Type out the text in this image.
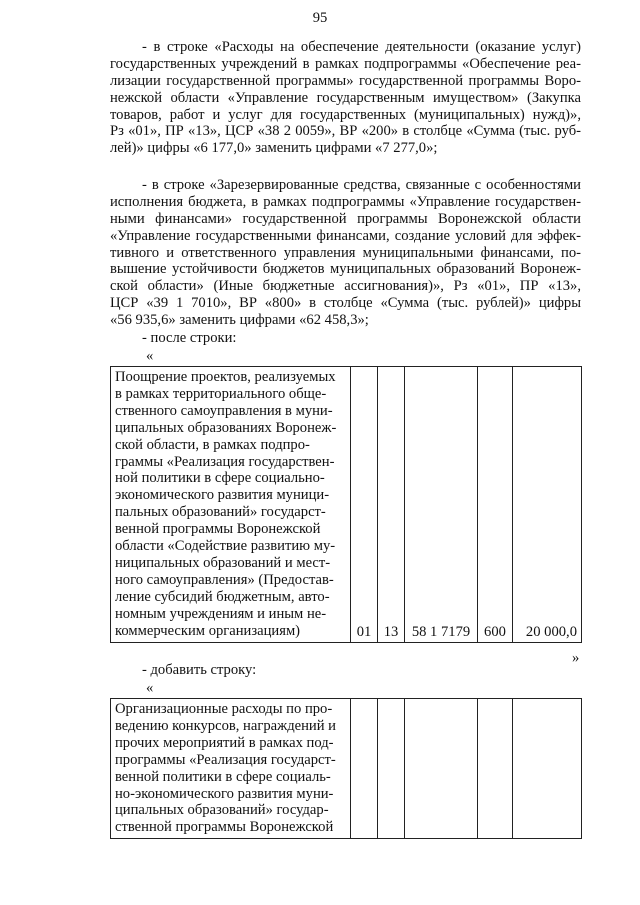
95
- в строке «Расходы на обеспечение деятельности (оказание услуг)
государственных учреждений в рамках подпрограммы «Обеспечение реа-
лизации государственной программы» государственной программы Воро-
нежской области «Управление государственным имуществом» (Закупка
товаров, работ и услуг для государственных (муниципальных) нужд)»,
Рз «01», ПР «13», ЦСР «38 2 0059», ВР «200» в столбце «Сумма (тыс. руб-
лей)» цифры «6 177,0» заменить цифрами «7 277,0»;
- в строке «Зарезервированные средства, связанные с особенностями
исполнения бюджета, в рамках подпрограммы «Управление государствен-
ными финансами» государственной программы Воронежской области
«Управление государственными финансами, создание условий для эффек-
тивного и ответственного управления муниципальными финансами, по-
вышение устойчивости бюджетов муниципальных образований Воронеж-
ской области» (Иные бюджетные ассигнования)», Рз «01», ПР «13»,
ЦСР «39 1 7010», ВР «800» в столбце «Сумма (тыс. рублей)» цифры
«56 935,6» заменить цифрами «62 458,3»;
- после строки:
«
Поощрение проектов, реализуемых
в рамках территориального обще-
ственного самоуправления в муни-
ципальных образованиях Воронеж-
ской области, в рамках подпро-
граммы «Реализация государствен-
ной политики в сфере социально-
экономического развития муници-
пальных образований» государст-
венной программы Воронежской
области «Содействие развитию му-
ниципальных образований и мест-
ного самоуправления» (Предостав-
ление субсидий бюджетным, авто-
номным учреждениям и иным не-
коммерческим организациям)	01	13	58 1 7179	600	20 000,0
»
- добавить строку:
«
Организационные расходы по про-
ведению конкурсов, награждений и
прочих мероприятий в рамках под-
программы «Реализация государст-
венной политики в сфере социаль-
но-экономического развития муни-
ципальных образований» государ-
ственной программы Воронежской
